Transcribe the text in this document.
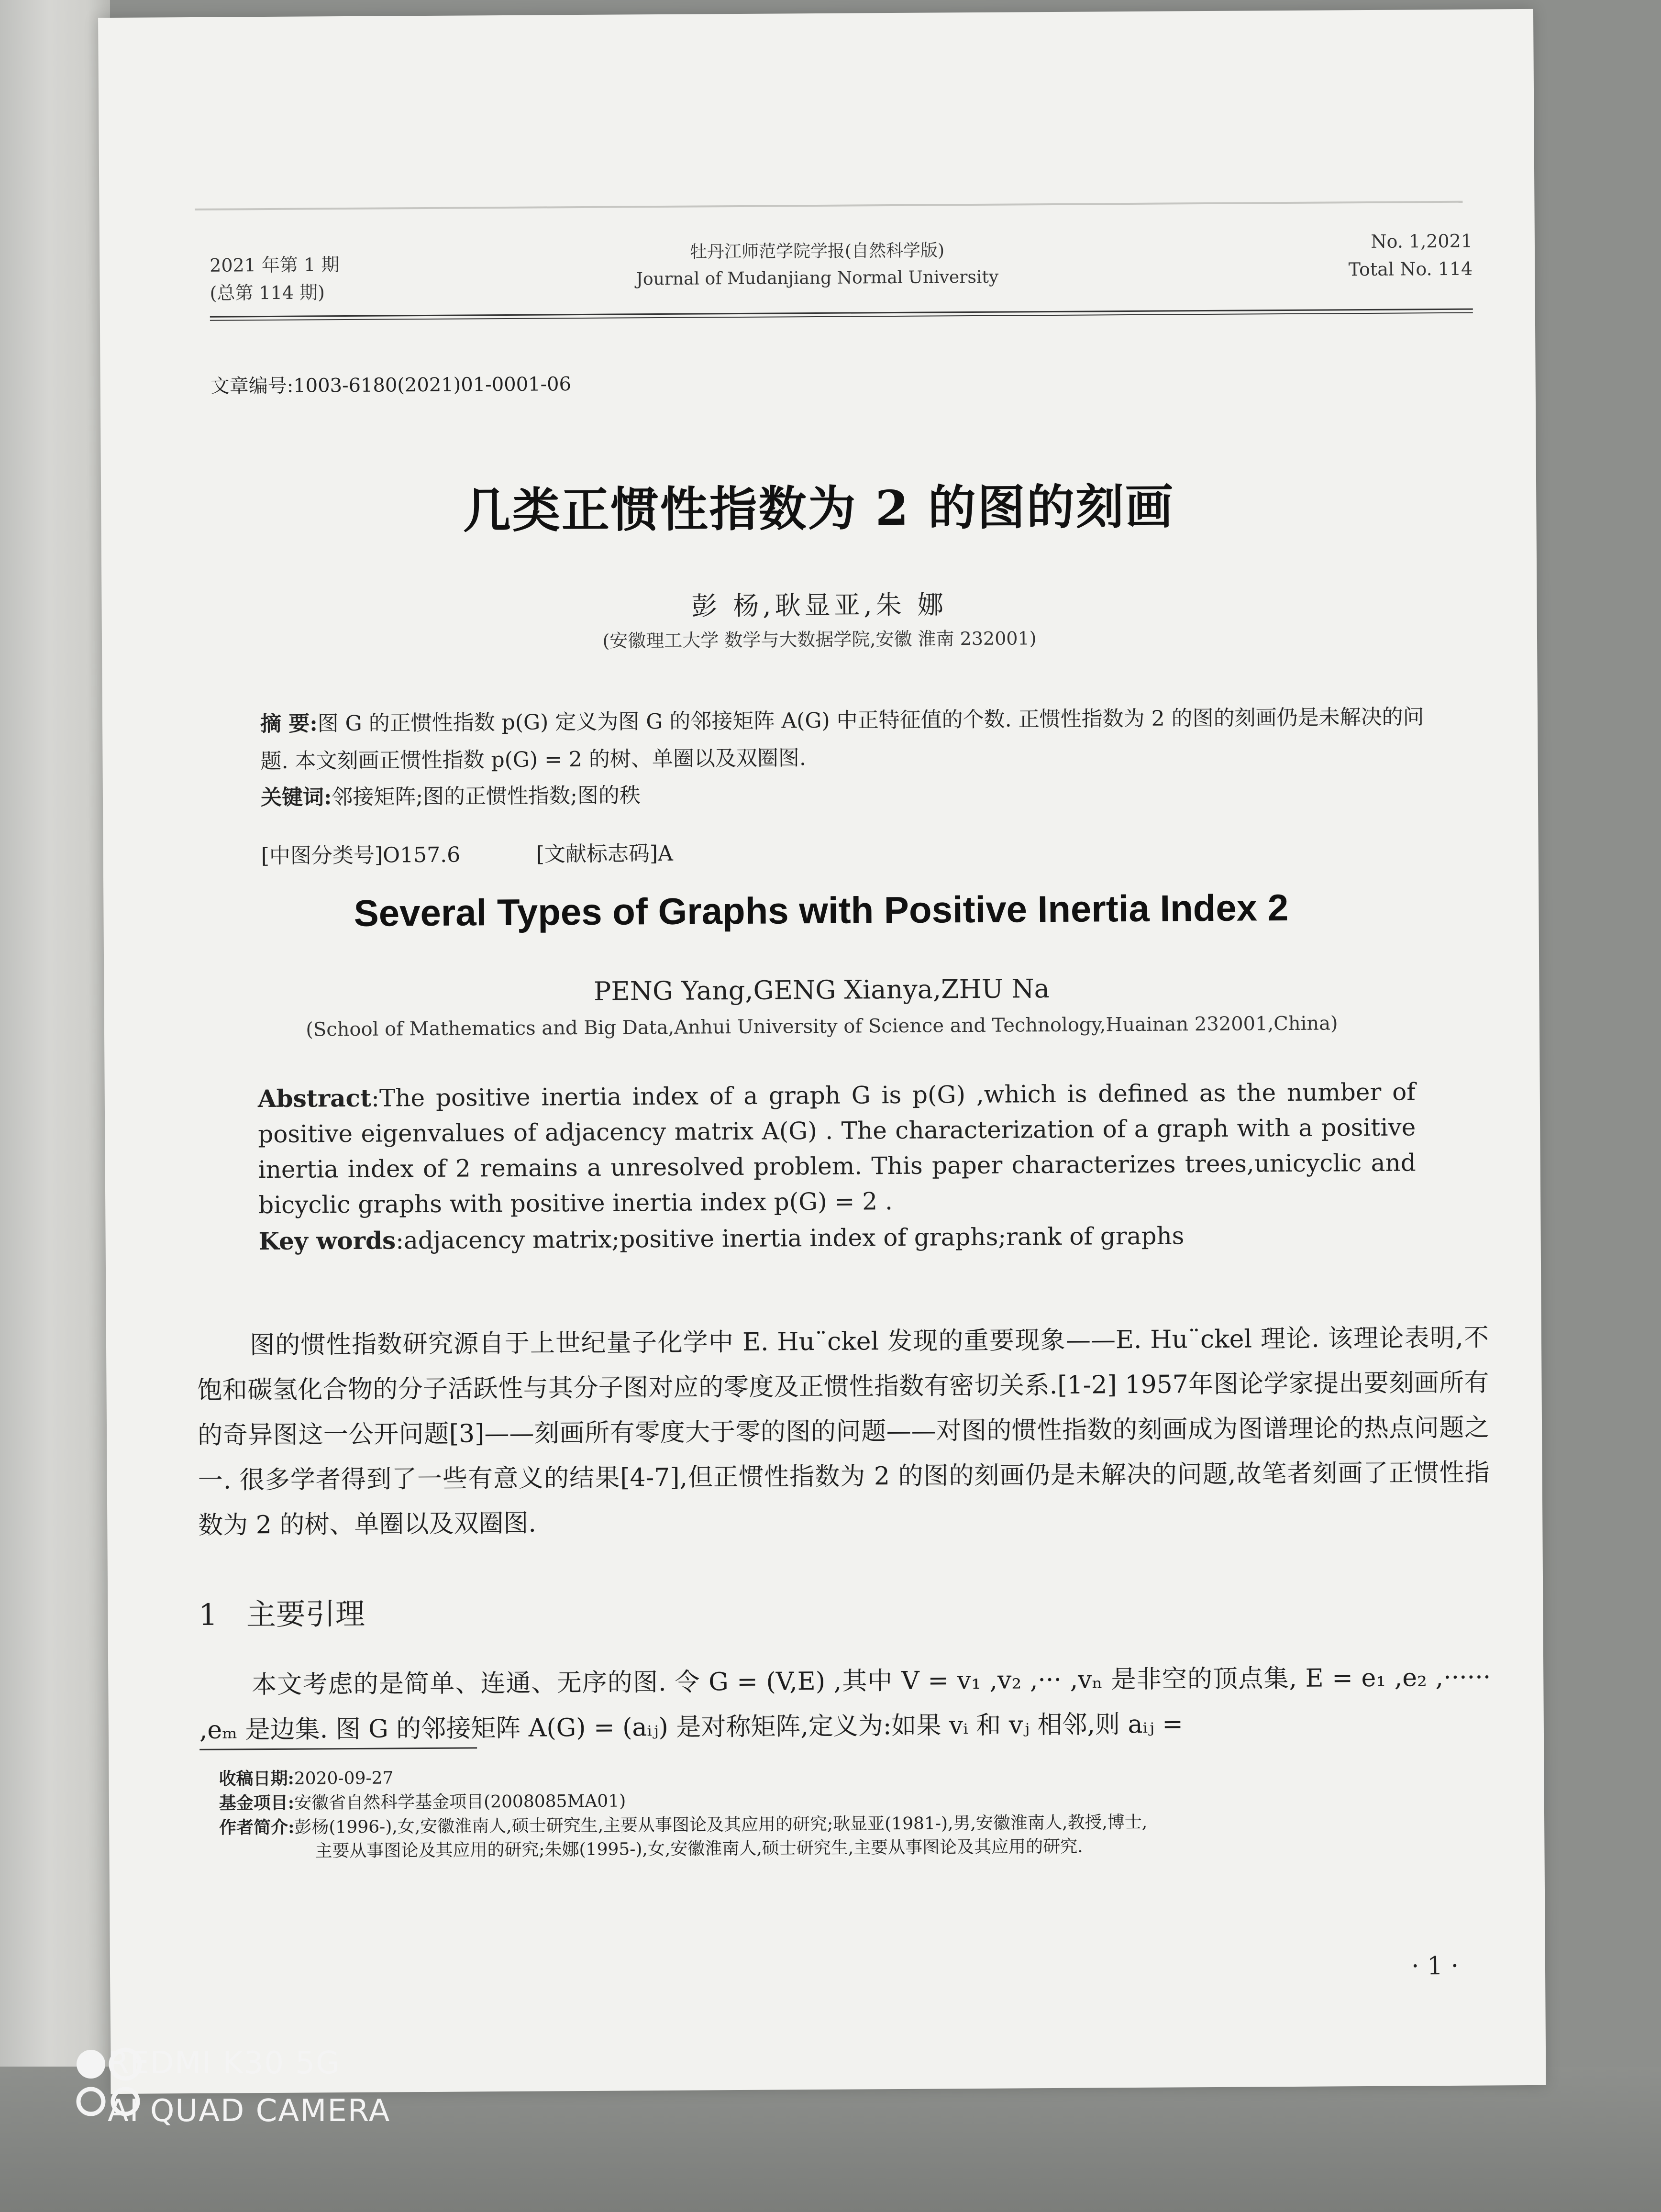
2021 年第 1 期
(总第 114 期)
牡丹江师范学院学报(自然科学版)
Journal of Mudanjiang Normal University
No. 1,2021
Total No. 114
文章编号:1003-6180(2021)01-0001-06
几类正惯性指数为 2 的图的刻画
彭 杨,耿显亚,朱 娜
(安徽理工大学 数学与大数据学院,安徽 淮南 232001)
摘 要:图 G 的正惯性指数 p(G) 定义为图 G 的邻接矩阵 A(G) 中正特征值的个数. 正惯性指数为 2 的图的刻画仍是未解决的问题. 本文刻画正惯性指数 p(G) = 2 的树、单圈以及双圈图.
关键词:邻接矩阵;图的正惯性指数;图的秩
[中图分类号]O157.6	[文献标志码]A
Several Types of Graphs with Positive Inertia Index 2
PENG Yang,GENG Xianya,ZHU Na
(School of Mathematics and Big Data,Anhui University of Science and Technology,Huainan 232001,China)
Abstract:The positive inertia index of a graph G is p(G) ,which is defined as the number of positive eigenvalues of adjacency matrix A(G) . The characterization of a graph with a positive inertia index of 2 remains a unresolved problem. This paper characterizes trees,unicyclic and bicyclic graphs with positive inertia index p(G) = 2 .
Key words:adjacency matrix;positive inertia index of graphs;rank of graphs
图的惯性指数研究源自于上世纪量子化学中 E. Hu¨ckel 发现的重要现象——E. Hu¨ckel 理论. 该理论表明,不饱和碳氢化合物的分子活跃性与其分子图对应的零度及正惯性指数有密切关系.[1-2] 1957年图论学家提出要刻画所有的奇异图这一公开问题[3]——刻画所有零度大于零的图的问题——对图的惯性指数的刻画成为图谱理论的热点问题之一. 很多学者得到了一些有意义的结果[4-7],但正惯性指数为 2 的图的刻画仍是未解决的问题,故笔者刻画了正惯性指数为 2 的树、单圈以及双圈图.
1 主要引理
本文考虑的是简单、连通、无序的图. 令 G = (V,E) ,其中 V = v₁ ,v₂ ,··· ,vₙ 是非空的顶点集, E = e₁ ,e₂ ,······ ,eₘ 是边集. 图 G 的邻接矩阵 A(G) = (aᵢⱼ) 是对称矩阵,定义为:如果 vᵢ 和 vⱼ 相邻,则 aᵢⱼ =
收稿日期:2020-09-27
基金项目:安徽省自然科学基金项目(2008085MA01)
作者简介:彭杨(1996-),女,安徽淮南人,硕士研究生,主要从事图论及其应用的研究;耿显亚(1981-),男,安徽淮南人,教授,博士,
主要从事图论及其应用的研究;朱娜(1995-),女,安徽淮南人,硕士研究生,主要从事图论及其应用的研究.
· 1 ·
REDMI K30 5G
AI QUAD CAMERA
